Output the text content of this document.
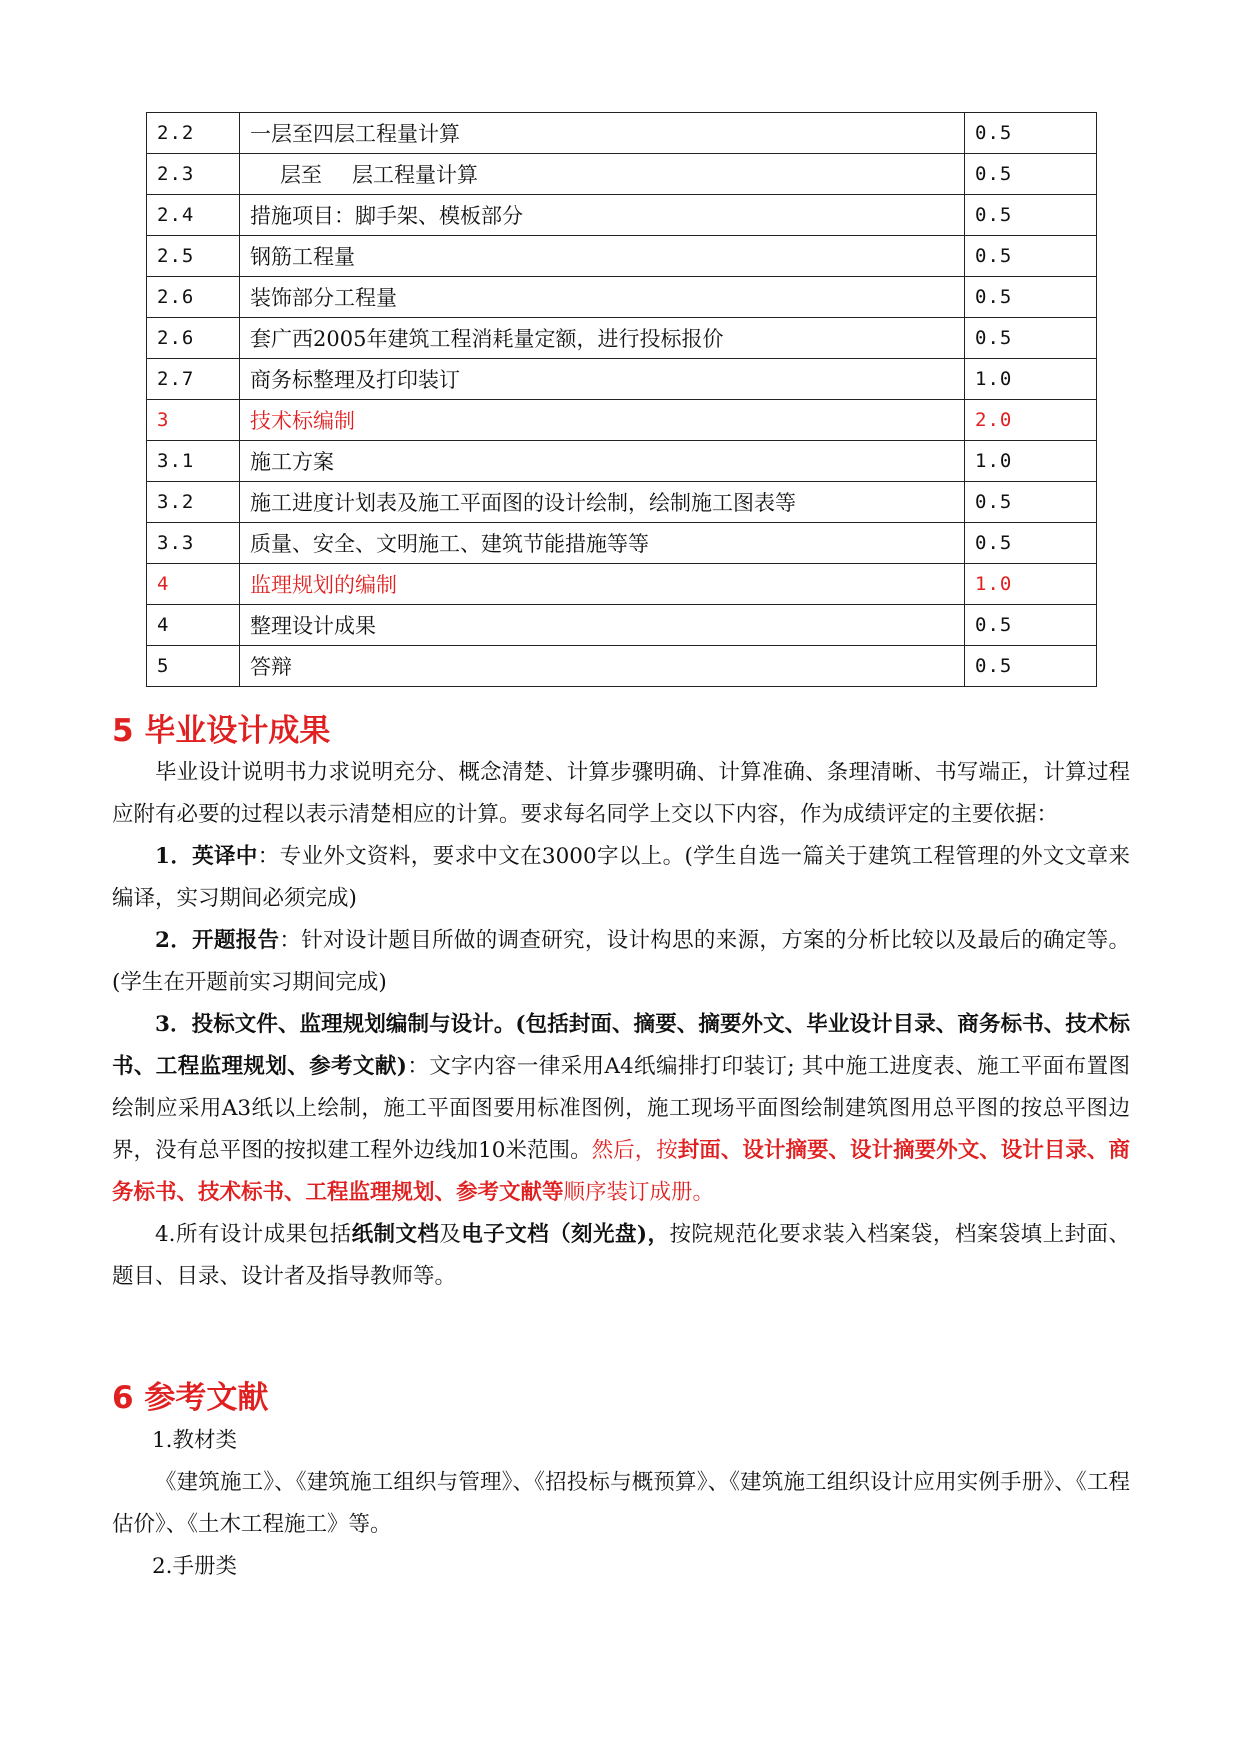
2.2	一层至四层工程量计算	0.5
2.3	层至 层工程量计算	0.5
2.4	措施项目：脚手架、模板部分	0.5
2.5	钢筋工程量	0.5
2.6	装饰部分工程量	0.5
2.6	套广西2005年建筑工程消耗量定额，进行投标报价	0.5
2.7	商务标整理及打印装订	1.0
3	技术标编制	2.0
3.1	施工方案	1.0
3.2	施工进度计划表及施工平面图的设计绘制，绘制施工图表等	0.5
3.3	质量、安全、文明施工、建筑节能措施等等	0.5
4	监理规划的编制	1.0
4	整理设计成果	0.5
5	答辩	0.5
5 毕业设计成果

毕业设计说明书力求说明充分、概念清楚、计算步骤明确、计算准确、条理清晰、书写端正，计算过程应附有必要的过程以表示清楚相应的计算。要求每名同学上交以下内容，作为成绩评定的主要依据：

1．英译中：专业外文资料，要求中文在3000字以上。(学生自选一篇关于建筑工程管理的外文文章来编译，实习期间必须完成)

2．开题报告：针对设计题目所做的调查研究，设计构思的来源，方案的分析比较以及最后的确定等。(学生在开题前实习期间完成)

3．投标文件、监理规划编制与设计。(包括封面、摘要、摘要外文、毕业设计目录、商务标书、技术标书、工程监理规划、参考文献)：文字内容一律采用A4纸编排打印装订; 其中施工进度表、施工平面布置图绘制应采用A3纸以上绘制，施工平面图要用标准图例，施工现场平面图绘制建筑图用总平图的按总平图边界，没有总平图的按拟建工程外边线加10米范围。然后，按封面、设计摘要、设计摘要外文、设计目录、商务标书、技术标书、工程监理规划、参考文献等顺序装订成册。

4.所有设计成果包括纸制文档及电子文档（刻光盘)，按院规范化要求装入档案袋，档案袋填上封面、题目、目录、设计者及指导教师等。

6 参考文献

1.教材类

《建筑施工》、《建筑施工组织与管理》、《招投标与概预算》、《建筑施工组织设计应用实例手册》、《工程估价》、《土木工程施工》等。

2.手册类
